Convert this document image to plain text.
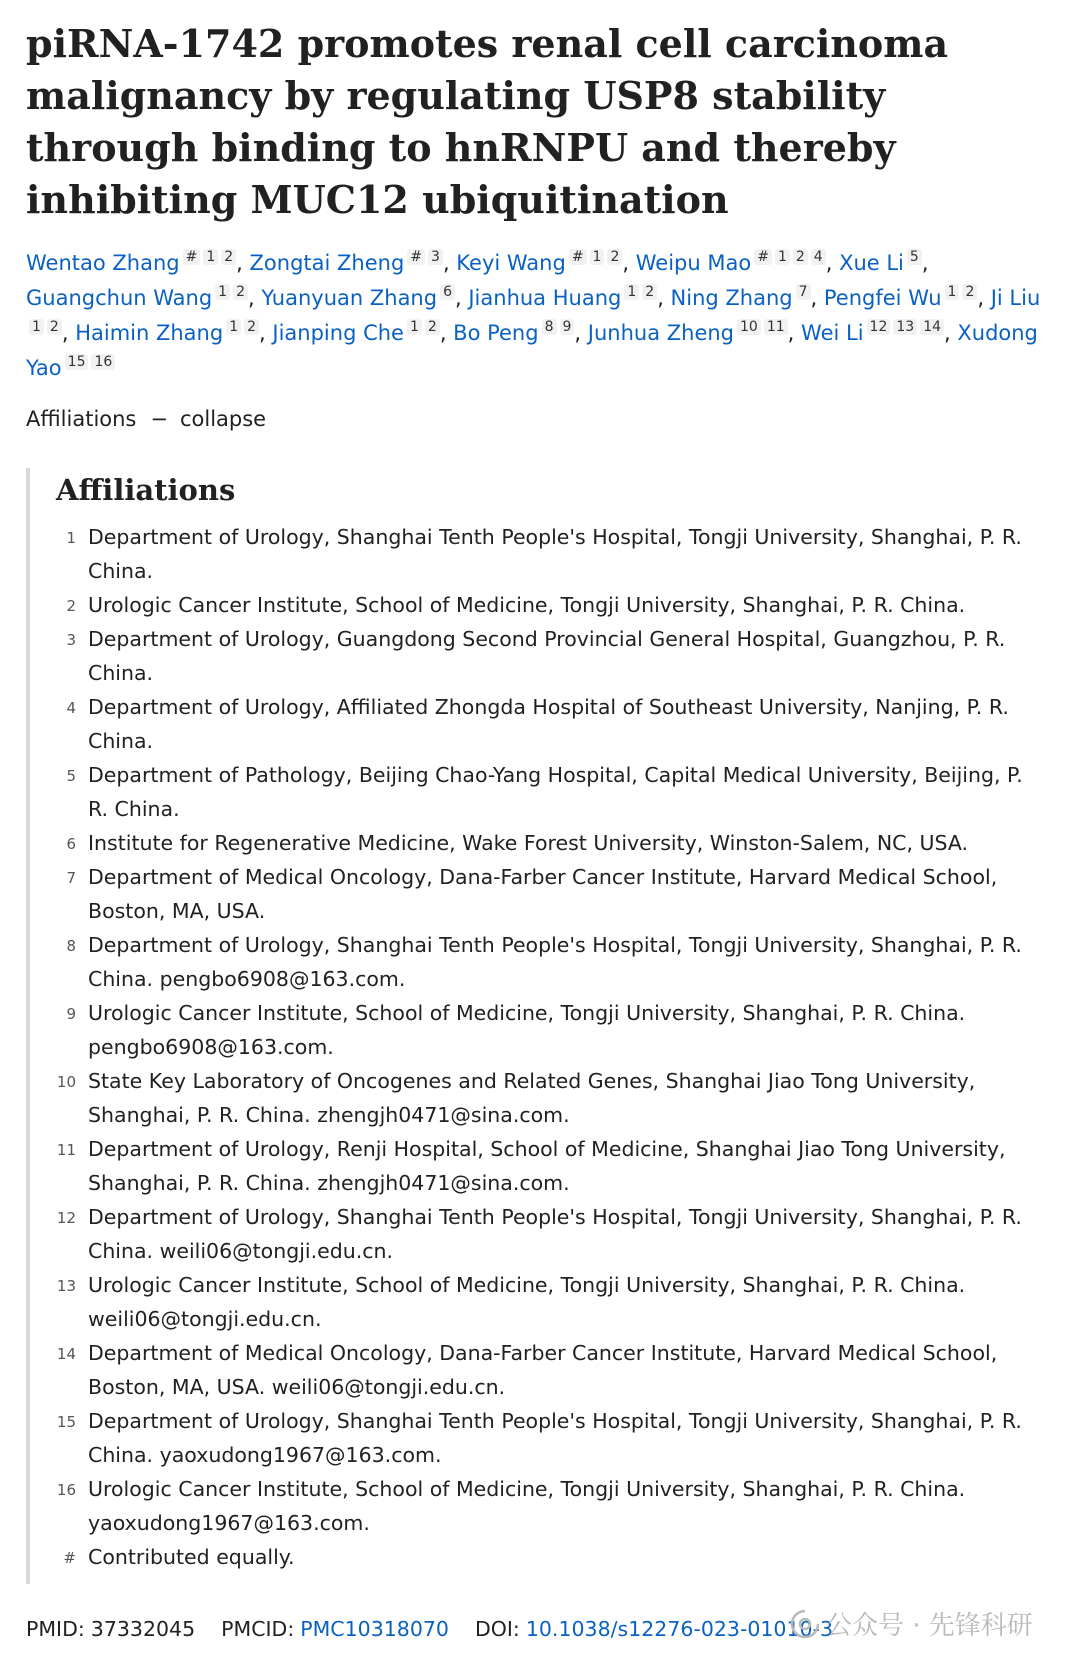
piRNA-1742 promotes renal cell carcinoma malignancy by regulating USP8 stability through binding to hnRNPU and thereby inhibiting MUC12 ubiquitination
Wentao Zhang # 1 2 , Zongtai Zheng # 3 , Keyi Wang # 1 2 , Weipu Mao # 1 2 4 , Xue Li 5 , Guangchun Wang 1 2 , Yuanyuan Zhang 6 , Jianhua Huang 1 2 , Ning Zhang 7 , Pengfei Wu 1 2 , Ji Liu1 2 , Haimin Zhang 1 2 , Jianping Che 1 2 , Bo Peng 8 9 , Junhua Zheng 10 11 , Wei Li 12 13 14 , Xudong Yao 15 16
Affiliations − collapse
Affiliations
1 Department of Urology, Shanghai Tenth People's Hospital, Tongji University, Shanghai, P. R. China.
2 Urologic Cancer Institute, School of Medicine, Tongji University, Shanghai, P. R. China.
3 Department of Urology, Guangdong Second Provincial General Hospital, Guangzhou, P. R. China.
4 Department of Urology, Affiliated Zhongda Hospital of Southeast University, Nanjing, P. R. China.
5 Department of Pathology, Beijing Chao-Yang Hospital, Capital Medical University, Beijing, P. R. China.
6 Institute for Regenerative Medicine, Wake Forest University, Winston-Salem, NC, USA.
7 Department of Medical Oncology, Dana-Farber Cancer Institute, Harvard Medical School, Boston, MA, USA.
8 Department of Urology, Shanghai Tenth People's Hospital, Tongji University, Shanghai, P. R. China. pengbo6908@163.com.
9 Urologic Cancer Institute, School of Medicine, Tongji University, Shanghai, P. R. China. pengbo6908@163.com.
10 State Key Laboratory of Oncogenes and Related Genes, Shanghai Jiao Tong University, Shanghai, P. R. China. zhengjh0471@sina.com.
11 Department of Urology, Renji Hospital, School of Medicine, Shanghai Jiao Tong University, Shanghai, P. R. China. zhengjh0471@sina.com.
12 Department of Urology, Shanghai Tenth People's Hospital, Tongji University, Shanghai, P. R. China. weili06@tongji.edu.cn.
13 Urologic Cancer Institute, School of Medicine, Tongji University, Shanghai, P. R. China. weili06@tongji.edu.cn.
14 Department of Medical Oncology, Dana-Farber Cancer Institute, Harvard Medical School, Boston, MA, USA. weili06@tongji.edu.cn.
15 Department of Urology, Shanghai Tenth People's Hospital, Tongji University, Shanghai, P. R. China. yaoxudong1967@163.com.
16 Urologic Cancer Institute, School of Medicine, Tongji University, Shanghai, P. R. China. yaoxudong1967@163.com.
# Contributed equally.
PMID: 37332045 PMCID: PMC10318070 DOI: 10.1038/s12276-023-01010-3
公众号 · 先锋科研
